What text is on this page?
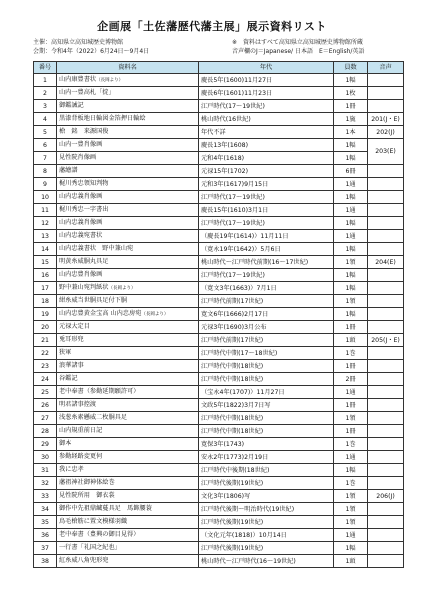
企画展「土佐藩歴代藩主展」展示資料リスト
主催：高知県立高知城歴史博物館
会期：令和4年（2022）6月24日〜9月4日
※　資料はすべて高知県立高知城歴史博物館所蔵
音声欄のJ＝Japanese/ 日本語　E＝English/英語
番号	資料名	年代	員数	音声
1	山内康豊書状（長岡より）	慶長5年(1600)11月27日	1幅	
2	山内一豊高札「掟」	慶長6年(1601)11月23日	1枚	
3	御鑑誡記	江戸時代(17〜19世紀)	1冊	
4	黒漆背板地日輪図金箔押日輪絵	桃山時代(16世紀)	1旒	201(J・E)
5	槍　銘　来源国俊	年代不詳	1本	202(J)
6	山内一豊肖像画	慶長13年(1608)	1幅	203(E)
7	見性院肖像画	元和4年(1618)	1幅	
8	藩繪譜	元禄15年(1702)	6冊	
9	梶川秀忠領知判物	元和3年(1617)9月15日	1通	
10	山内忠義肖像画	江戸時代(17〜19世紀)	1幅	
11	梶川秀忠一字書出	慶長15年(1610)3月1日	1通	
12	山内忠義肖像画	江戸時代(17〜19世紀)	1幅	
13	山内忠義宛書状	（慶長19年(1614)）11月11日	1通	
14	山内忠義書状　野中兼山宛	（寛永19年(1642)）5月6日	1幅	
15	明黄糸威胴丸具足	桃山時代〜江戸時代前期(16〜17世紀)	1領	204(E)
16	山内忠豊肖像画	江戸時代(17〜19世紀)	1幅	
17	野中兼山宛判紙状（長岡より）	（寛文3年(1663)）7月1日	1幅	
18	紺糸威当世胴具足付下胴	江戸時代前期(17世紀)	1領	
19	山内忠豊黄金宝高 山内忠房宛（長岡より）	寛文6年(1666)2月17日	1幅	
20	元禄大定目	元禄3年(1690)3月公布	1冊	
21	兎耳形兜	江戸時代前期(17世紀)	1頭	205(J・E)
22	狭軍	江戸時代中期(17〜18世紀)	1巻	
23	浪華諸事	江戸時代中期(18世紀)	1冊	
24	谷鑑記	江戸時代中期(18世紀)	2冊	
25	老中奉書（参勤延期願許可）	（宝永4年(1707)）11月27日	1通	
26	明君諸事控渡	文政5年(1822)3月7日写	1冊	
27	浅葱糸素懸威二枚胴具足	江戸時代中期(18世紀)	1領	
28	山内規重前日記	江戸時代中期(18世紀)	1冊	
29	御本	寛保3年(1743)	1巻	
30	参勤経路変更何	安永2年(1773)2月19日	1通	
31	我に忠孝	江戸時代中後期(18世紀)	1幅	
32	藩祖神社御神体絵巻	江戸時代後期(19世紀)	1巻	
33	見性院所用　御衣裳	文化3年(1806)写	1領	206(J)
34	御作中先祖鼎縅蔓具足　馬飾腰蓑	江戸時代後期〜明治時代(19世紀)	1領	
35	鳥毛槍筋に置文模様羽織	江戸時代後期(19世紀)	1領	
36	老中奉書（豊興の御目見得）	（文化元年(1818)）10月14日	1通	
37	一行書「礼国之紀也」	江戸時代後期(19世紀)	1幅	
38	紅糸威八角兜形兜	桃山時代〜江戸時代(16〜19世紀)	1頭	
